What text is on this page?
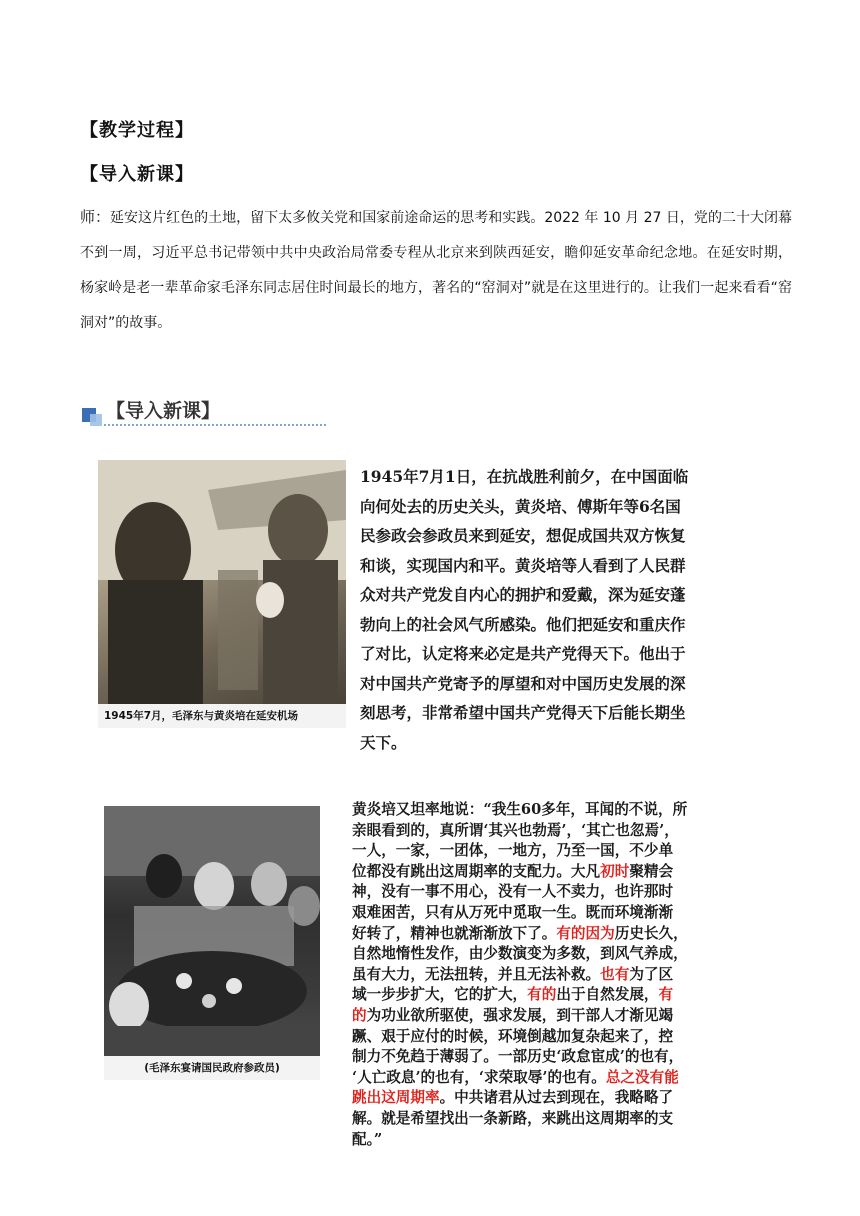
【教学过程】
【导入新课】
师：延安这片红色的土地，留下太多攸关党和国家前途命运的思考和实践。2022 年 10 月 27 日，党的二十大闭幕不到一周，习近平总书记带领中共中央政治局常委专程从北京来到陕西延安，瞻仰延安革命纪念地。在延安时期，杨家岭是老一辈革命家毛泽东同志居住时间最长的地方，著名的“窑洞对”就是在这里进行的。让我们一起来看看“窑洞对”的故事。
【导入新课】
1945年7月，毛泽东与黄炎培在延安机场
1945年7月1日，在抗战胜利前夕，在中国面临
向何处去的历史关头，黄炎培、傅斯年等6名国
民参政会参政员来到延安，想促成国共双方恢复
和谈，实现国内和平。黄炎培等人看到了人民群
众对共产党发自内心的拥护和爱戴，深为延安蓬
勃向上的社会风气所感染。他们把延安和重庆作
了对比，认定将来必定是共产党得天下。他出于
对中国共产党寄予的厚望和对中国历史发展的深
刻思考，非常希望中国共产党得天下后能长期坐
天下。
(毛泽东宴请国民政府参政员)
黄炎培又坦率地说：“我生60多年，耳闻的不说，所
亲眼看到的，真所谓‘其兴也勃焉’，‘其亡也忽焉’，
一人，一家，一团体，一地方，乃至一国，不少单
位都没有跳出这周期率的支配力。大凡初时聚精会
神，没有一事不用心，没有一人不卖力，也许那时
艰难困苦，只有从万死中觅取一生。既而环境渐渐
好转了，精神也就渐渐放下了。有的因为历史长久，
自然地惰性发作，由少数演变为多数，到风气养成，
虽有大力，无法扭转，并且无法补救。也有为了区
域一步步扩大，它的扩大，有的出于自然发展，有
的为功业欲所驱使，强求发展，到干部人才渐见竭
蹶、艰于应付的时候，环境倒越加复杂起来了，控
制力不免趋于薄弱了。一部历史‘政怠宦成’的也有，
‘人亡政息’的也有，‘求荣取辱’的也有。总之没有能
跳出这周期率。中共诸君从过去到现在，我略略了
解。就是希望找出一条新路，来跳出这周期率的支
配。”
